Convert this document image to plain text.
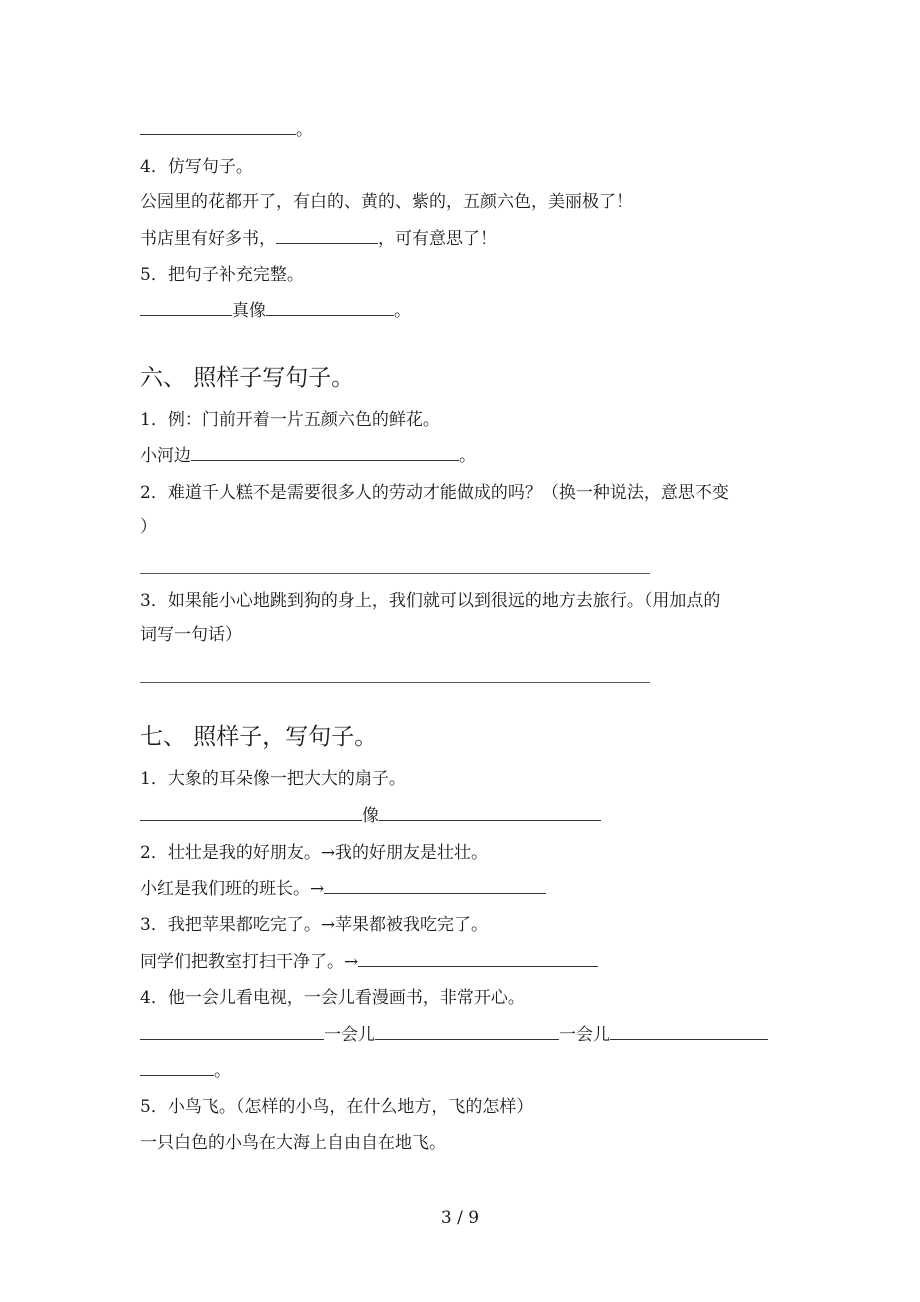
。
4．仿写句子。
公园里的花都开了，有白的、黄的、紫的，五颜六色，美丽极了！
书店里有好多书，	，可有意思了！
5．把句子补充完整。
真像	。
六、 照样子写句子。
1．例：门前开着一片五颜六色的鲜花。
小河边	。
2．难道千人糕不是需要很多人的劳动才能做成的吗？（换一种说法，意思不变
）
3．如果能小心地跳到狗的身上，我们就可以到很远的地方去旅行。（用加点的
词写一句话）
七、 照样子，写句子。
1．大象的耳朵像一把大大的扇子。
像
2．壮壮是我的好朋友。→我的好朋友是壮壮。
小红是我们班的班长。→
3．我把苹果都吃完了。→苹果都被我吃完了。
同学们把教室打扫干净了。→
4．他一会儿看电视，一会儿看漫画书，非常开心。
一会儿	一会儿
。
5．小鸟飞。（怎样的小鸟，在什么地方，飞的怎样）
一只白色的小鸟在大海上自由自在地飞。
3 / 9
